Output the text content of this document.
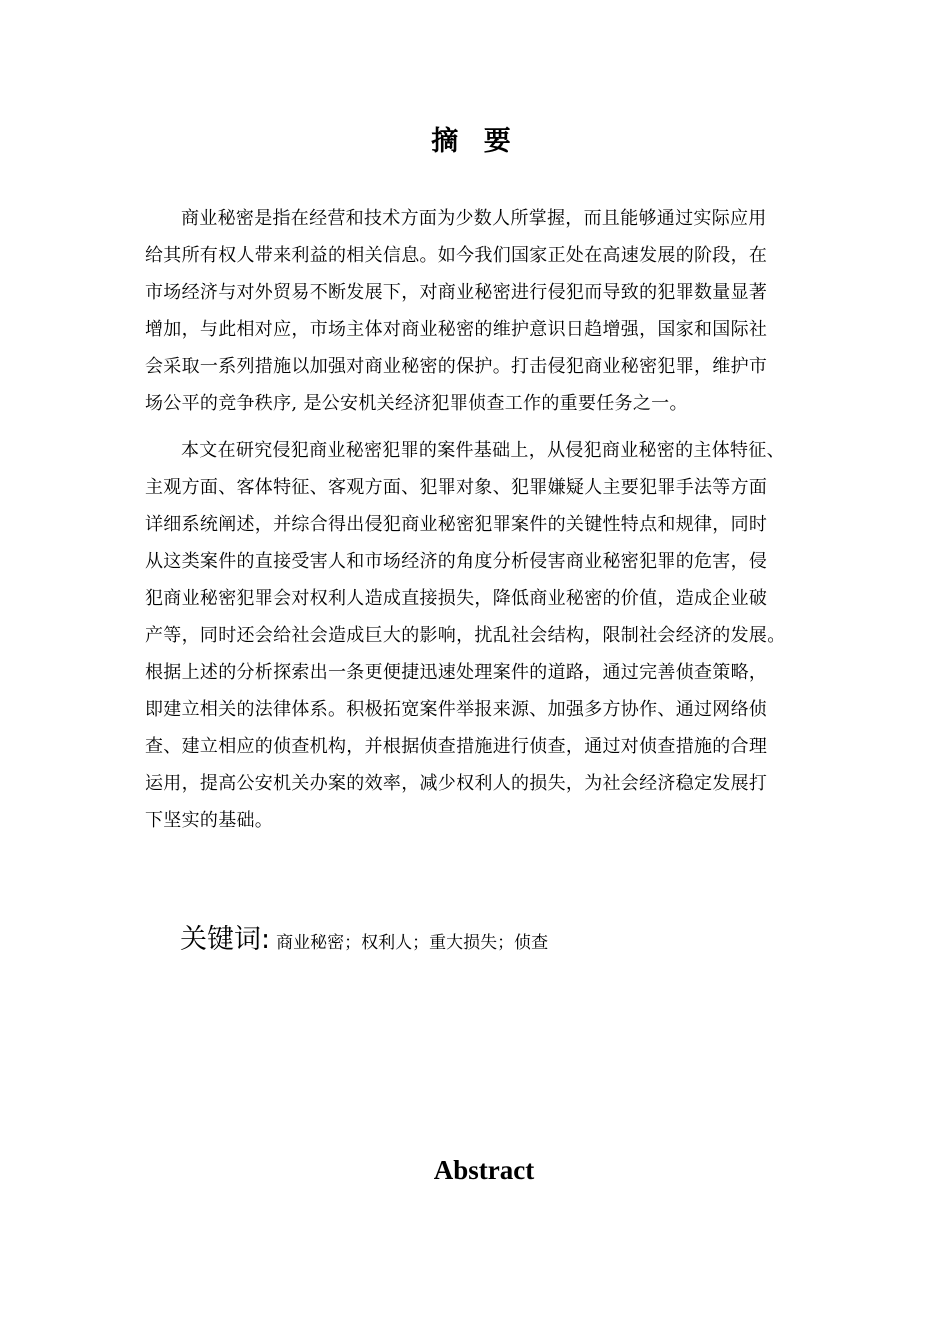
摘 要

商业秘密是指在经营和技术方面为少数人所掌握，而且能够通过实际应用
给其所有权人带来利益的相关信息。如今我们国家正处在高速发展的阶段，在
市场经济与对外贸易不断发展下，对商业秘密进行侵犯而导致的犯罪数量显著
增加，与此相对应，市场主体对商业秘密的维护意识日趋增强，国家和国际社
会采取一系列措施以加强对商业秘密的保护。打击侵犯商业秘密犯罪，维护市
场公平的竞争秩序, 是公安机关经济犯罪侦查工作的重要任务之一。

本文在研究侵犯商业秘密犯罪的案件基础上，从侵犯商业秘密的主体特征、
主观方面、客体特征、客观方面、犯罪对象、犯罪嫌疑人主要犯罪手法等方面
详细系统阐述，并综合得出侵犯商业秘密犯罪案件的关键性特点和规律，同时
从这类案件的直接受害人和市场经济的角度分析侵害商业秘密犯罪的危害，侵
犯商业秘密犯罪会对权利人造成直接损失，降低商业秘密的价值，造成企业破
产等，同时还会给社会造成巨大的影响，扰乱社会结构，限制社会经济的发展。
根据上述的分析探索出一条更便捷迅速处理案件的道路，通过完善侦查策略，
即建立相关的法律体系。积极拓宽案件举报来源、加强多方协作、通过网络侦
查、建立相应的侦查机构，并根据侦查措施进行侦查，通过对侦查措施的合理
运用，提高公安机关办案的效率，减少权利人的损失，为社会经济稳定发展打
下坚实的基础。

关键词: 商业秘密；权利人；重大损失；侦查
Abstract
